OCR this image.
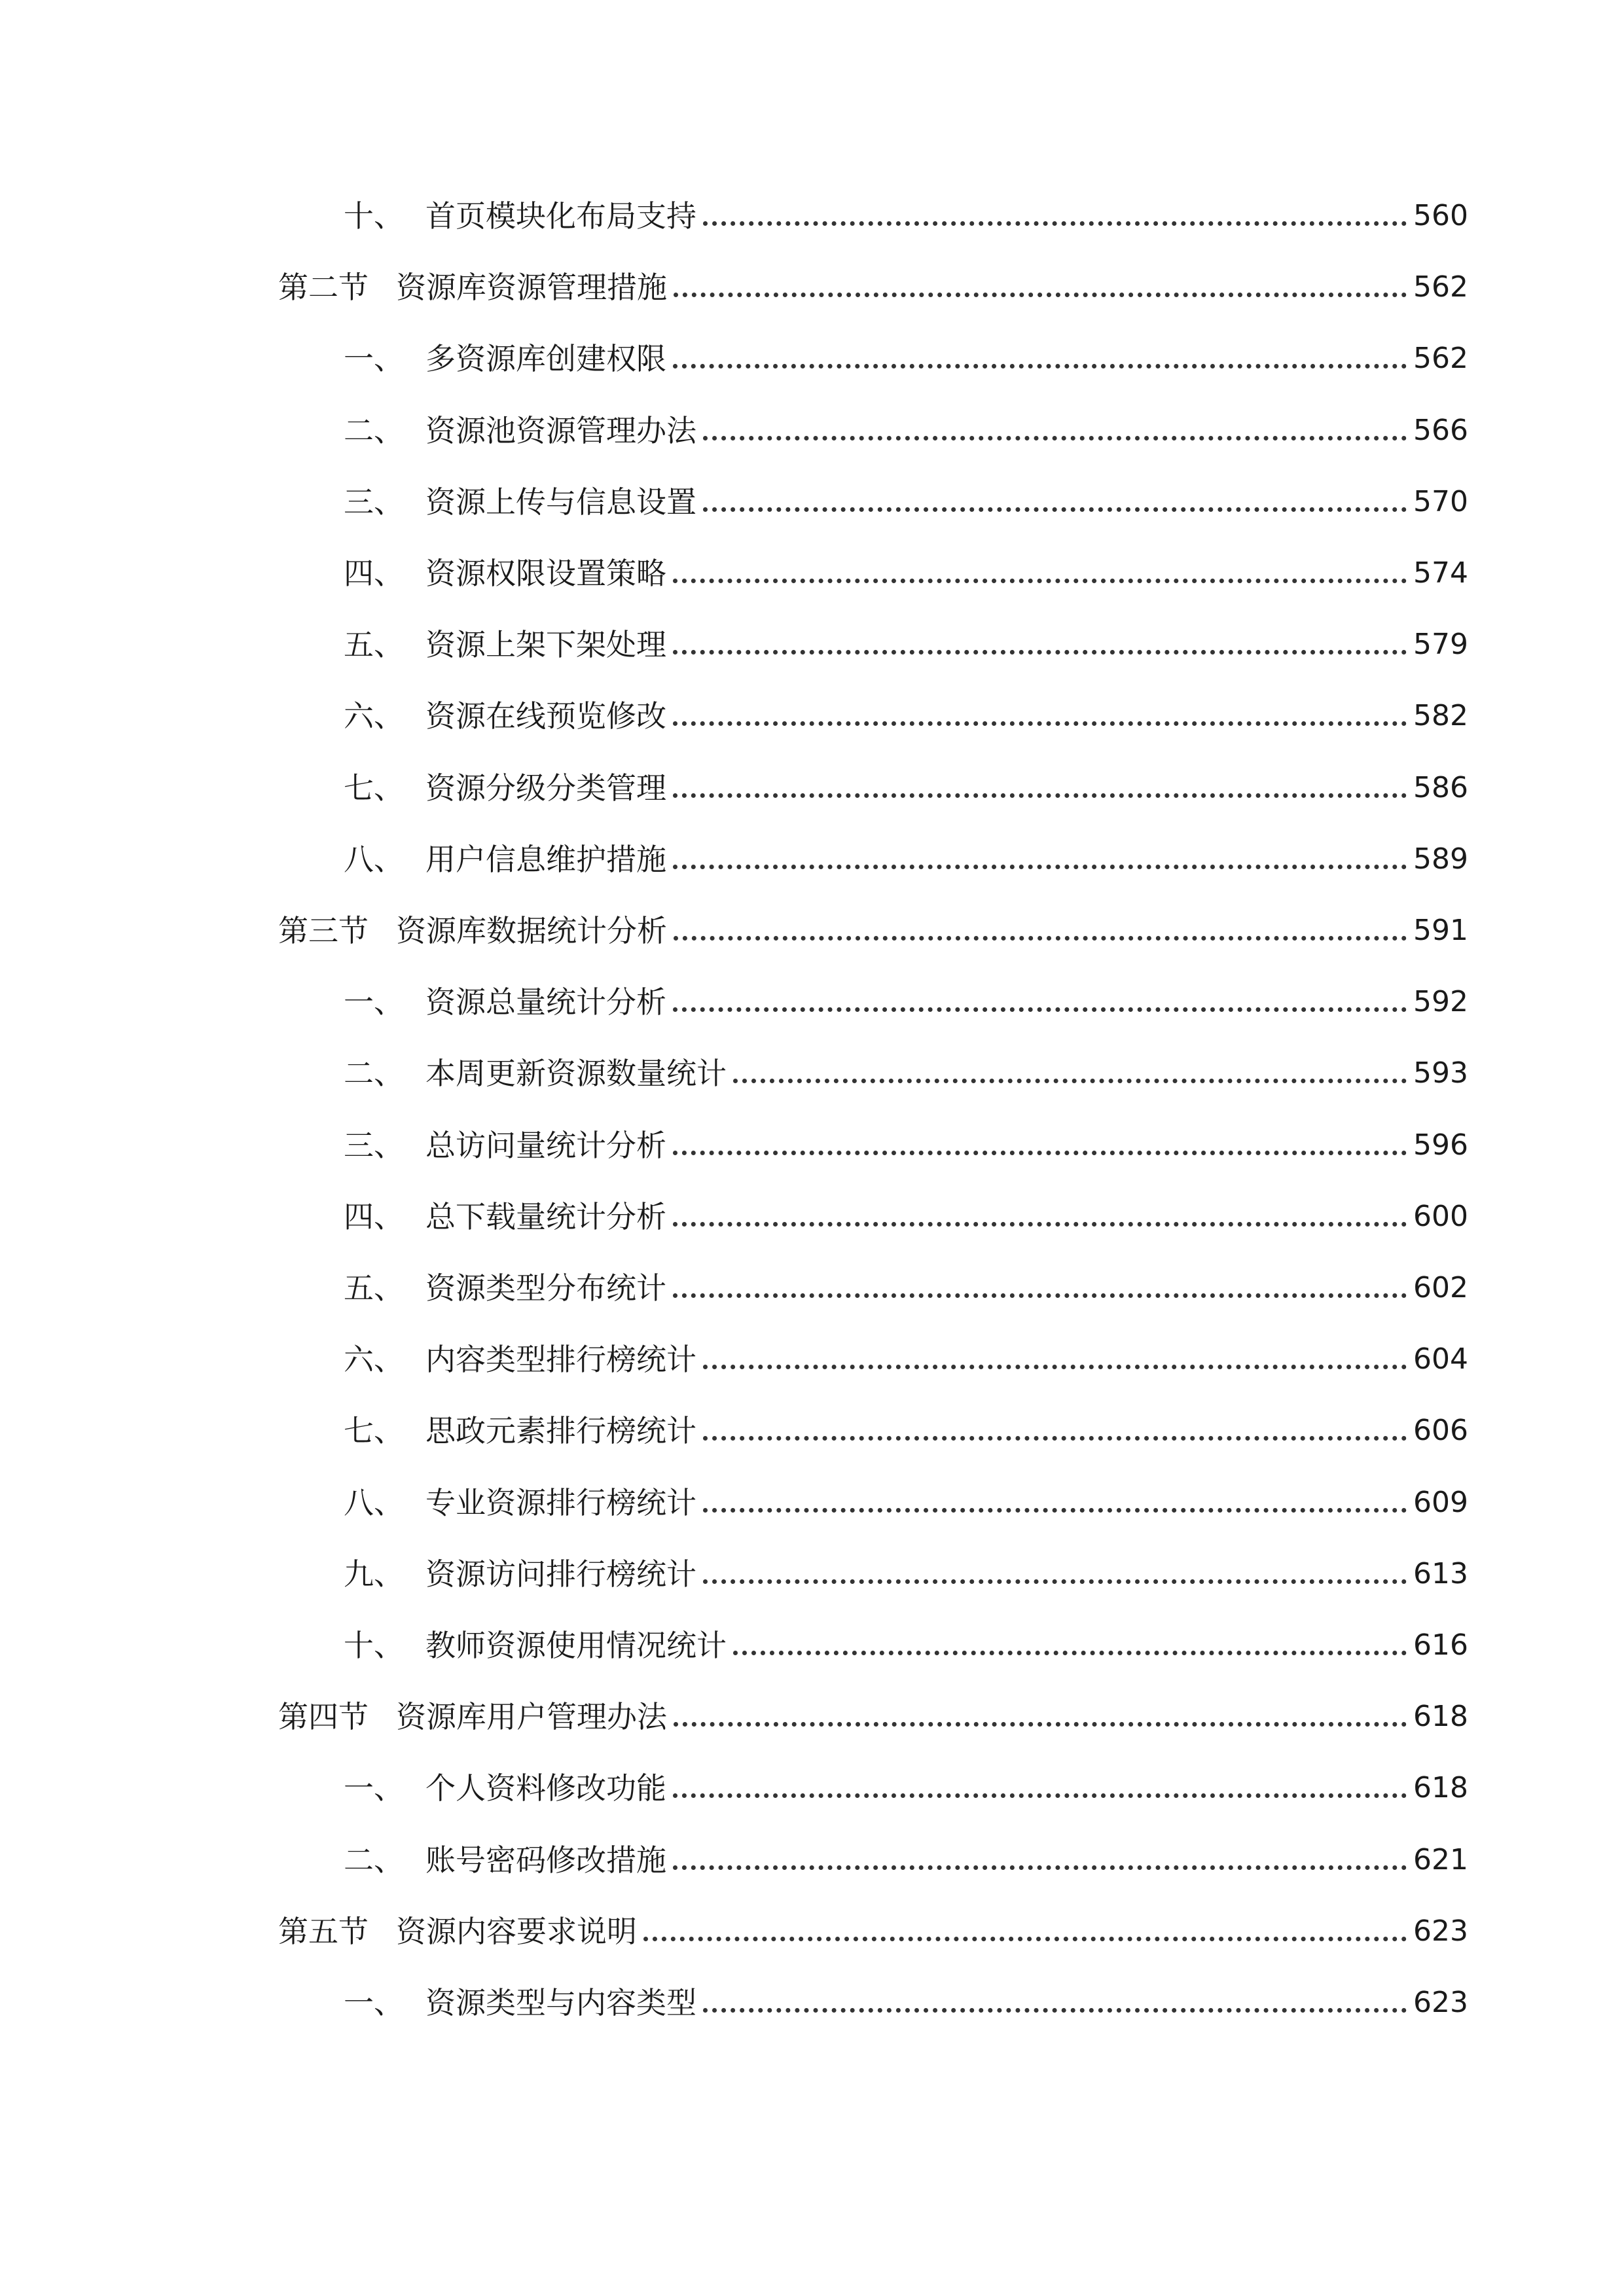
十、 首页模块化布局支持	560
第二节 资源库资源管理措施	562
一、 多资源库创建权限	562
二、 资源池资源管理办法	566
三、 资源上传与信息设置	570
四、 资源权限设置策略	574
五、 资源上架下架处理	579
六、 资源在线预览修改	582
七、 资源分级分类管理	586
八、 用户信息维护措施	589
第三节 资源库数据统计分析	591
一、 资源总量统计分析	592
二、 本周更新资源数量统计	593
三、 总访问量统计分析	596
四、 总下载量统计分析	600
五、 资源类型分布统计	602
六、 内容类型排行榜统计	604
七、 思政元素排行榜统计	606
八、 专业资源排行榜统计	609
九、 资源访问排行榜统计	613
十、 教师资源使用情况统计	616
第四节 资源库用户管理办法	618
一、 个人资料修改功能	618
二、 账号密码修改措施	621
第五节 资源内容要求说明	623
一、 资源类型与内容类型	623
